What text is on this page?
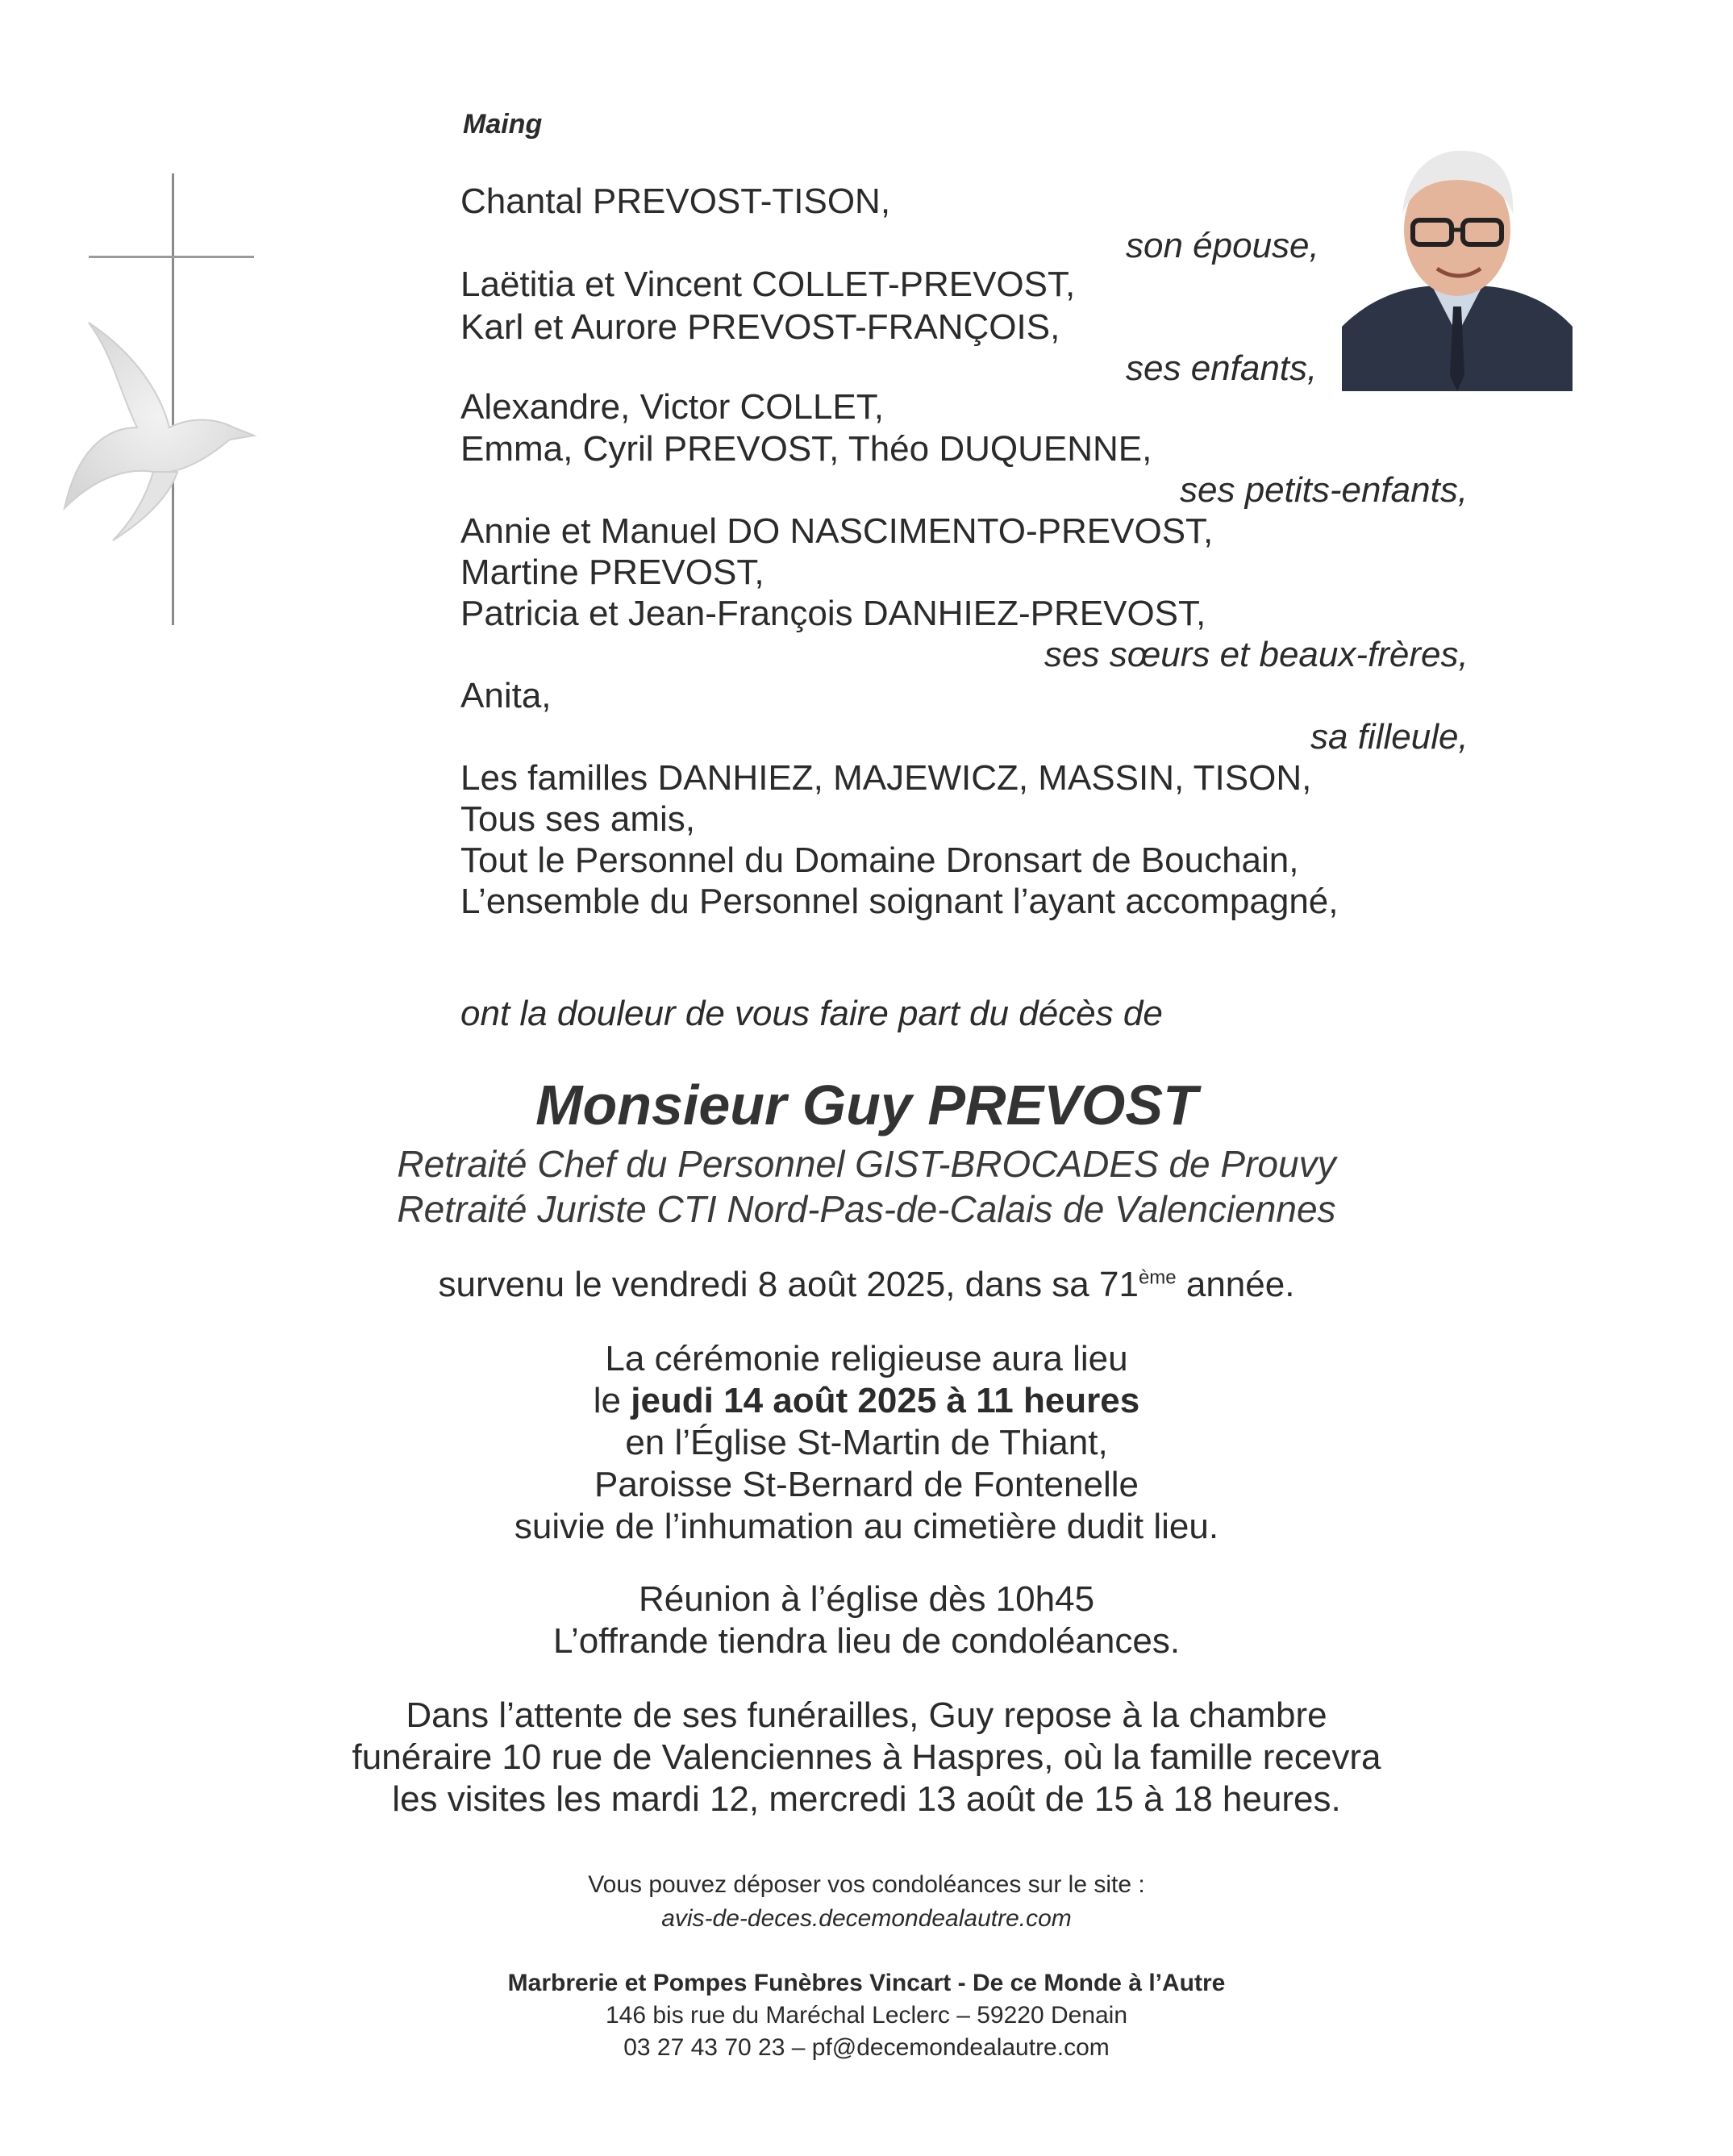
Maing
Chantal PREVOST-TISON,
son épouse,
Laëtitia et Vincent COLLET-PREVOST,
Karl et Aurore PREVOST-FRANÇOIS,
ses enfants,
Alexandre, Victor COLLET,
Emma, Cyril PREVOST, Théo DUQUENNE,
ses petits-enfants,
Annie et Manuel DO NASCIMENTO-PREVOST,
Martine PREVOST,
Patricia et Jean-François DANHIEZ-PREVOST,
ses sœurs et beaux-frères,
Anita,
sa filleule,
Les familles DANHIEZ, MAJEWICZ, MASSIN, TISON,
Tous ses amis,
Tout le Personnel du Domaine Dronsart de Bouchain,
L’ensemble du Personnel soignant l’ayant accompagné,
ont la douleur de vous faire part du décès de
Monsieur Guy PREVOST
Retraité Chef du Personnel GIST-BROCADES de Prouvy
Retraité Juriste CTI Nord-Pas-de-Calais de Valenciennes
survenu le vendredi 8 août 2025, dans sa 71ème année.
La cérémonie religieuse aura lieu
le jeudi 14 août 2025 à 11 heures
en l’Église St-Martin de Thiant,
Paroisse St-Bernard de Fontenelle
suivie de l’inhumation au cimetière dudit lieu.
Réunion à l’église dès 10h45
L’offrande tiendra lieu de condoléances.
Dans l’attente de ses funérailles, Guy repose à la chambre
funéraire 10 rue de Valenciennes à Haspres, où la famille recevra
les visites les mardi 12, mercredi 13 août de 15 à 18 heures.
Vous pouvez déposer vos condoléances sur le site :
avis-de-deces.decemondealautre.com
Marbrerie et Pompes Funèbres Vincart - De ce Monde à l’Autre
146 bis rue du Maréchal Leclerc – 59220 Denain
03 27 43 70 23 – pf@decemondealautre.com
